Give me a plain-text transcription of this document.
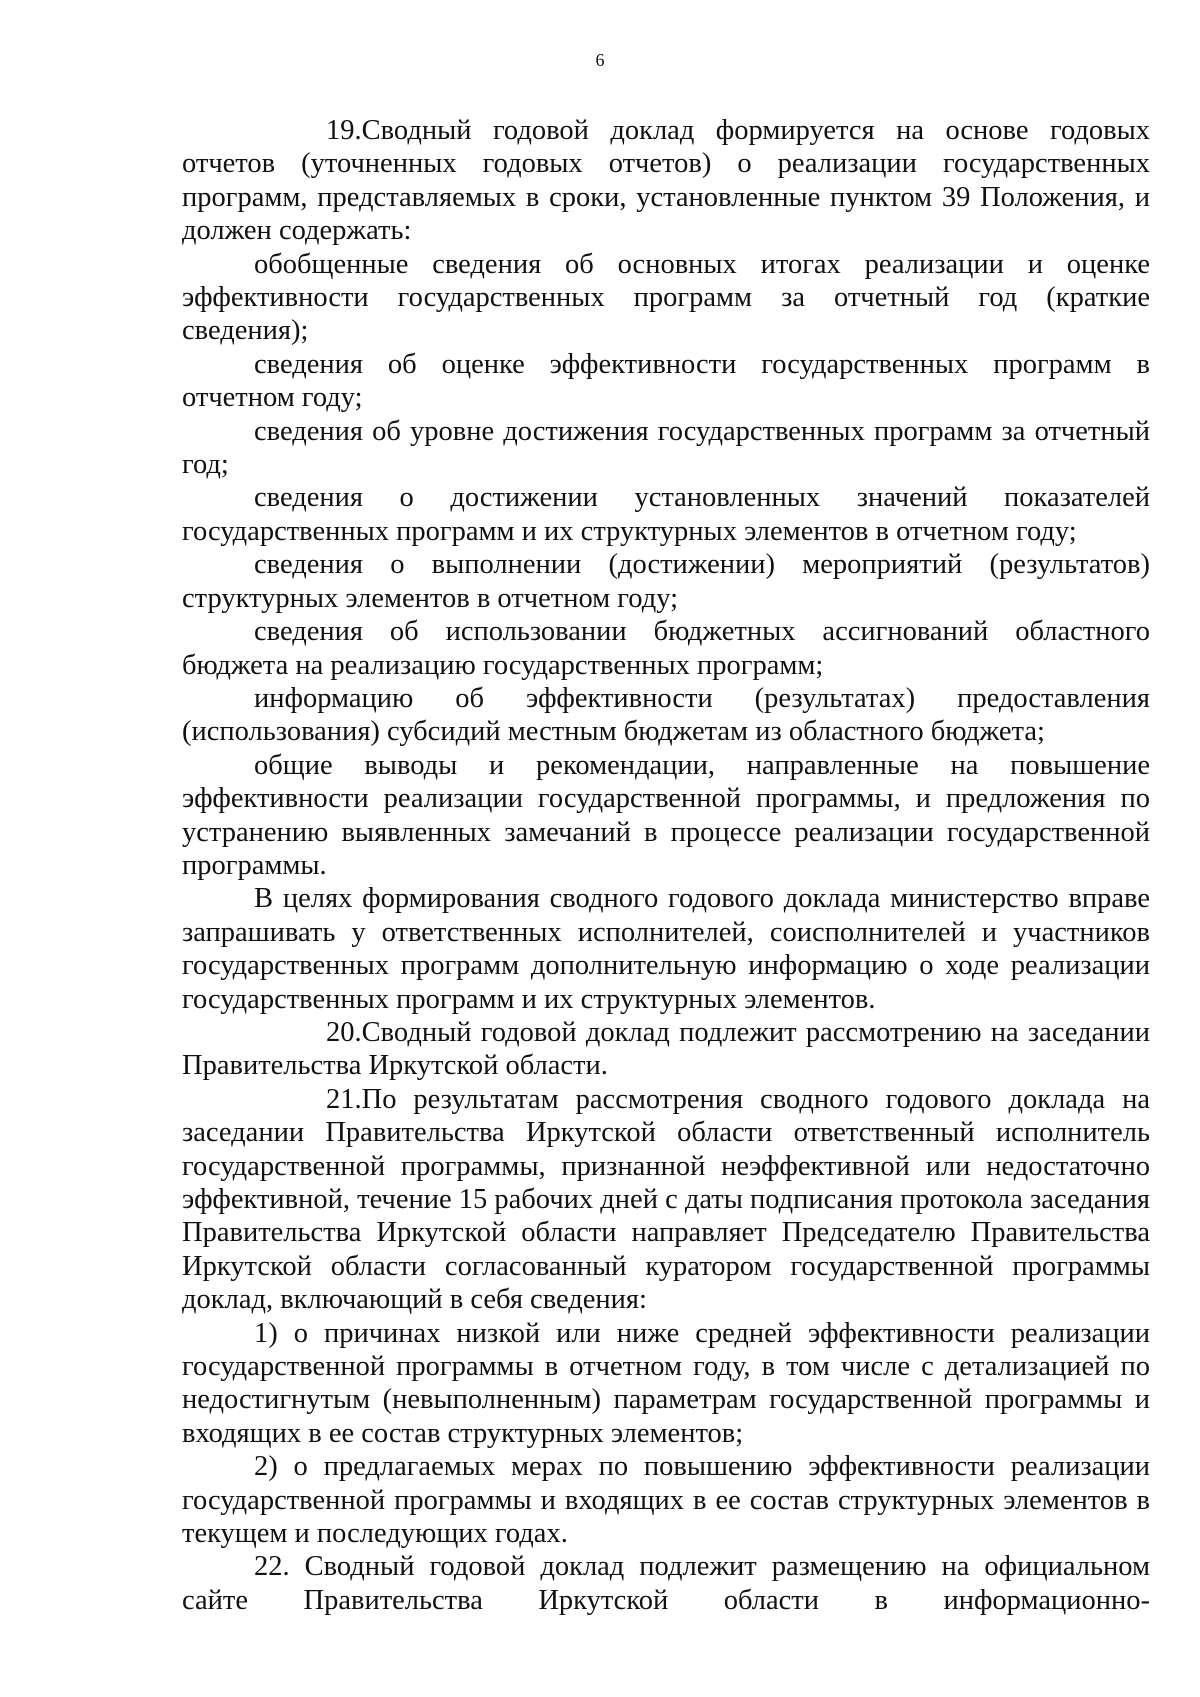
6

19.Сводный годовой доклад формируется на основе годовых отчетов (уточненных годовых отчетов) о реализации государственных программ, представляемых в сроки, установленные пунктом 39 Положения, и должен содержать:

обобщенные сведения об основных итогах реализации и оценке эффективности государственных программ за отчетный год (краткие сведения);

сведения об оценке эффективности государственных программ в отчетном году;

сведения об уровне достижения государственных программ за отчетный год;

сведения о достижении установленных значений показателей государственных программ и их структурных элементов в отчетном году;

сведения о выполнении (достижении) мероприятий (результатов) структурных элементов в отчетном году;

сведения об использовании бюджетных ассигнований областного бюджета на реализацию государственных программ;

информацию об эффективности (результатах) предоставления (использования) субсидий местным бюджетам из областного бюджета;

общие выводы и рекомендации, направленные на повышение эффективности реализации государственной программы, и предложения по устранению выявленных замечаний в процессе реализации государственной программы.

В целях формирования сводного годового доклада министерство вправе запрашивать у ответственных исполнителей, соисполнителей и участников государственных программ дополнительную информацию о ходе реализации государственных программ и их структурных элементов.

20.Сводный годовой доклад подлежит рассмотрению на заседании Правительства Иркутской области.

21.По результатам рассмотрения сводного годового доклада на заседании Правительства Иркутской области ответственный исполнитель государственной программы, признанной неэффективной или недостаточно эффективной, течение 15 рабочих дней с даты подписания протокола заседания Правительства Иркутской области направляет Председателю Правительства Иркутской области согласованный куратором государственной программы доклад, включающий в себя сведения:

1) о причинах низкой или ниже средней эффективности реализации государственной программы в отчетном году, в том числе с детализацией по недостигнутым (невыполненным) параметрам государственной программы и входящих в ее состав структурных элементов;

2) о предлагаемых мерах по повышению эффективности реализации государственной программы и входящих в ее состав структурных элементов в текущем и последующих годах.

22. Сводный годовой доклад подлежит размещению на официальном сайте Правительства Иркутской области в информационно-
